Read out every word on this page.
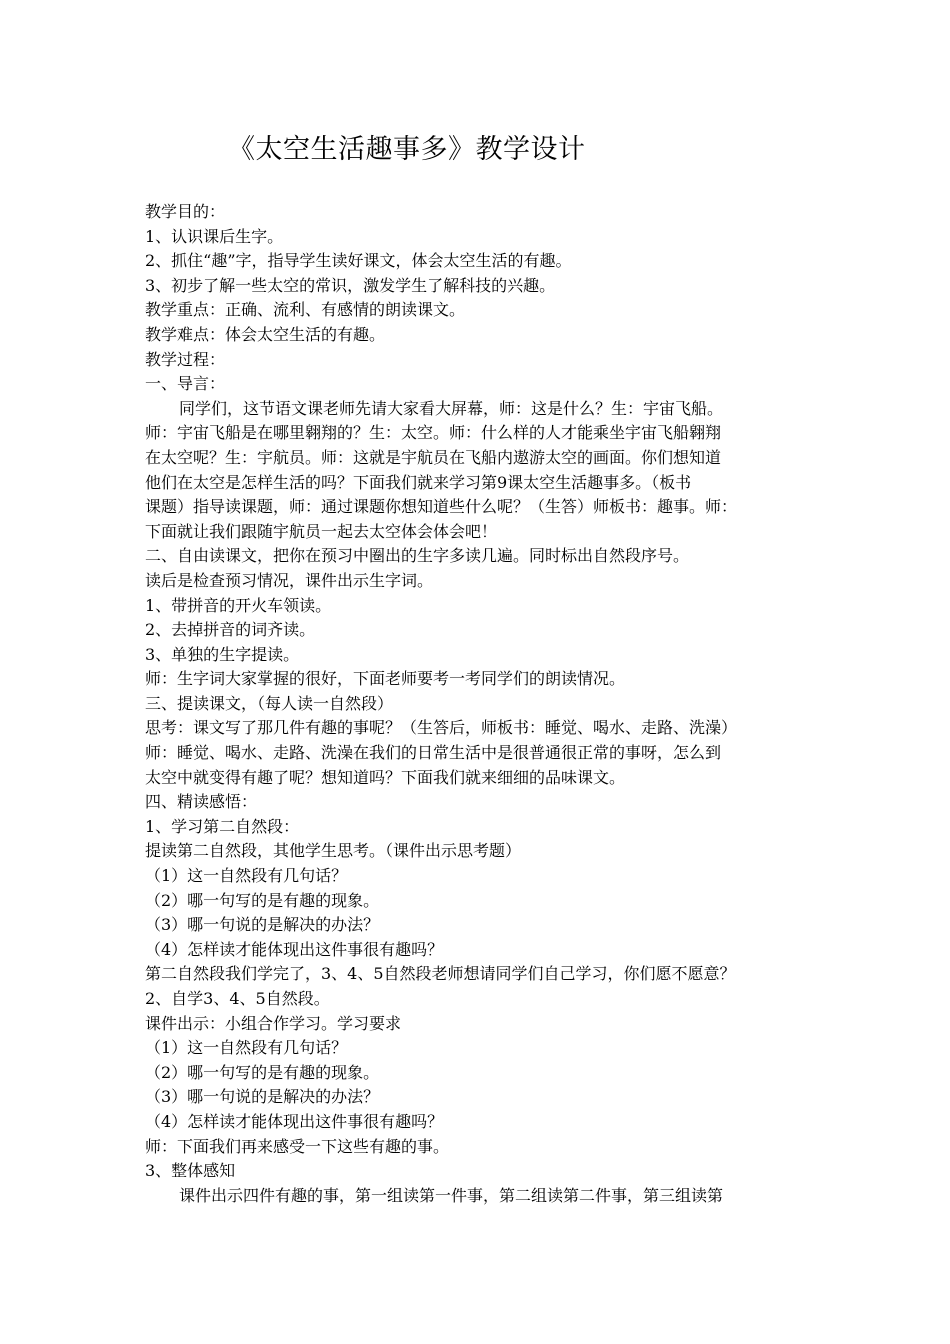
《太空生活趣事多》教学设计
教学目的：
1、认识课后生字。
2、抓住“趣”字，指导学生读好课文，体会太空生活的有趣。
3、初步了解一些太空的常识，激发学生了解科技的兴趣。
教学重点：正确、流利、有感情的朗读课文。
教学难点：体会太空生活的有趣。
教学过程：
一、导言：
同学们，这节语文课老师先请大家看大屏幕，师：这是什么？生：宇宙飞船。
师：宇宙飞船是在哪里翱翔的？生：太空。师：什么样的人才能乘坐宇宙飞船翱翔
在太空呢？生：宇航员。师：这就是宇航员在飞船内遨游太空的画面。你们想知道
他们在太空是怎样生活的吗？下面我们就来学习第9课太空生活趣事多。（板书
课题）指导读课题，师：通过课题你想知道些什么呢？（生答）师板书：趣事。师：
下面就让我们跟随宇航员一起去太空体会体会吧！
二、自由读课文，把你在预习中圈出的生字多读几遍。同时标出自然段序号。
读后是检查预习情况，课件出示生字词。
1、带拼音的开火车领读。
2、去掉拼音的词齐读。
3、单独的生字提读。
师：生字词大家掌握的很好，下面老师要考一考同学们的朗读情况。
三、提读课文，（每人读一自然段）
思考：课文写了那几件有趣的事呢？（生答后，师板书：睡觉、喝水、走路、洗澡）
师：睡觉、喝水、走路、洗澡在我们的日常生活中是很普通很正常的事呀，怎么到
太空中就变得有趣了呢？想知道吗？下面我们就来细细的品味课文。
四、精读感悟：
1、学习第二自然段：
提读第二自然段，其他学生思考。（课件出示思考题）
（1）这一自然段有几句话？
（2）哪一句写的是有趣的现象。
（3）哪一句说的是解决的办法？
（4）怎样读才能体现出这件事很有趣吗？
第二自然段我们学完了，3、4、5自然段老师想请同学们自己学习，你们愿不愿意？
2、自学3、4、5自然段。
课件出示：小组合作学习。学习要求
（1）这一自然段有几句话？
（2）哪一句写的是有趣的现象。
（3）哪一句说的是解决的办法？
（4）怎样读才能体现出这件事很有趣吗？
师：下面我们再来感受一下这些有趣的事。
3、整体感知
课件出示四件有趣的事，第一组读第一件事，第二组读第二件事，第三组读第
